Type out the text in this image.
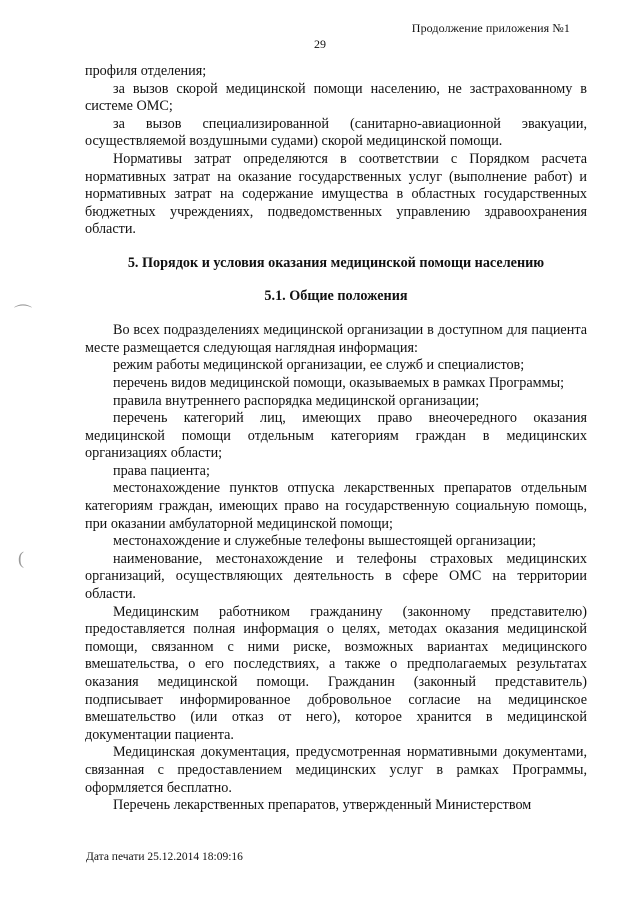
Продолжение приложения №1
29
⌒
(

профиля отделения;

за вызов скорой медицинской помощи населению, не застрахованному в системе ОМС;

за вызов специализированной (санитарно-авиационной эвакуации, осуществляемой воздушными судами) скорой медицинской помощи.

Нормативы затрат определяются в соответствии с Порядком расчета нормативных затрат на оказание государственных услуг (выполнение работ) и нормативных затрат на содержание имущества в областных государственных бюджетных учреждениях, подведомственных управлению здравоохранения области.

5. Порядок и условия оказания медицинской помощи населению
5.1. Общие положения

Во всех подразделениях медицинской организации в доступном для пациента месте размещается следующая наглядная информация:

режим работы медицинской организации, ее служб и специалистов;

перечень видов медицинской помощи, оказываемых в рамках Программы;

правила внутреннего распорядка медицинской организации;

перечень категорий лиц, имеющих право внеочередного оказания медицинской помощи отдельным категориям граждан в медицинских организациях области;

права пациента;

местонахождение пунктов отпуска лекарственных препаратов отдельным категориям граждан, имеющих право на государственную социальную помощь, при оказании амбулаторной медицинской помощи;

местонахождение и служебные телефоны вышестоящей организации;

наименование, местонахождение и телефоны страховых медицинских организаций, осуществляющих деятельность в сфере ОМС на территории области.

Медицинским работником гражданину (законному представителю) предоставляется полная информация о целях, методах оказания медицинской помощи, связанном с ними риске, возможных вариантах медицинского вмешательства, о его последствиях, а также о предполагаемых результатах оказания медицинской помощи. Гражданин (законный представитель) подписывает информированное добровольное согласие на медицинское вмешательство (или отказ от него), которое хранится в медицинской документации пациента.

Медицинская документация, предусмотренная нормативными документами, связанная с предоставлением медицинских услуг в рамках Программы, оформляется бесплатно.

Перечень лекарственных препаратов, утвержденный Министерством

Дата печати 25.12.2014 18:09:16
